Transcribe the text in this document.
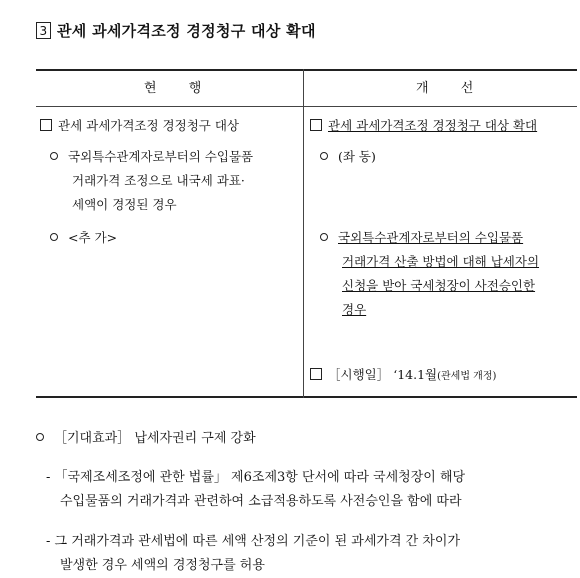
3 관세 과세가격조정 경정청구 대상 확대
현 행	개 선
관세 과세가격조정 경정청구 대상
국외특수관계자로부터의 수입물품
거래가격 조정으로 내국세 과표·
세액이 경정된 경우
<추 가>
관세 과세가격조정 경정청구 대상 확대
(좌 동)
국외특수관계자로부터의 수입물품
거래가격 산출 방법에 대해 납세자의
신청을 받아 국세청장이 사전승인한
경우
［시행일］ ‘14.1월(관세법 개정)
［기대효과］ 납세자권리 구제 강화
- 「국제조세조정에 관한 법률」 제6조제3항 단서에 따라 국세청장이 해당
수입물품의 거래가격과 관련하여 소급적용하도록 사전승인을 함에 따라
- 그 거래가격과 관세법에 따른 세액 산정의 기준이 된 과세가격 간 차이가
발생한 경우 세액의 경정청구를 허용
